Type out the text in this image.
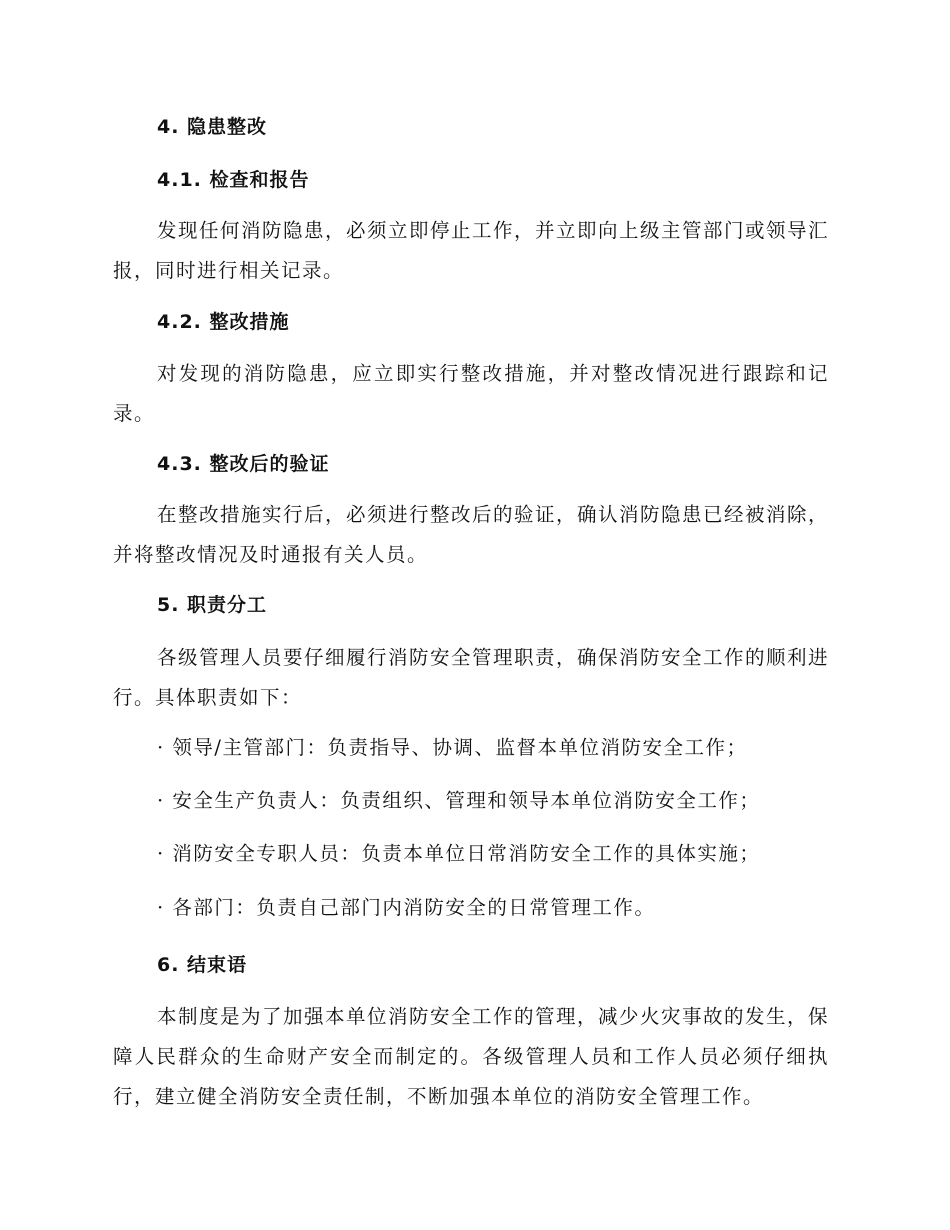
4. 隐患整改
4.1. 检查和报告
发现任何消防隐患，必须立即停止工作，并立即向上级主管部门或领导汇报，同时进行相关记录。
4.2. 整改措施
对发现的消防隐患，应立即实行整改措施，并对整改情况进行跟踪和记录。
4.3. 整改后的验证
在整改措施实行后，必须进行整改后的验证，确认消防隐患已经被消除，并将整改情况及时通报有关人员。
5. 职责分工
各级管理人员要仔细履行消防安全管理职责，确保消防安全工作的顺利进行。具体职责如下：
· 领导/主管部门：负责指导、协调、监督本单位消防安全工作；
· 安全生产负责人：负责组织、管理和领导本单位消防安全工作；
· 消防安全专职人员：负责本单位日常消防安全工作的具体实施；
· 各部门：负责自己部门内消防安全的日常管理工作。
6. 结束语
本制度是为了加强本单位消防安全工作的管理，减少火灾事故的发生，保障人民群众的生命财产安全而制定的。各级管理人员和工作人员必须仔细执行，建立健全消防安全责任制，不断加强本单位的消防安全管理工作。
